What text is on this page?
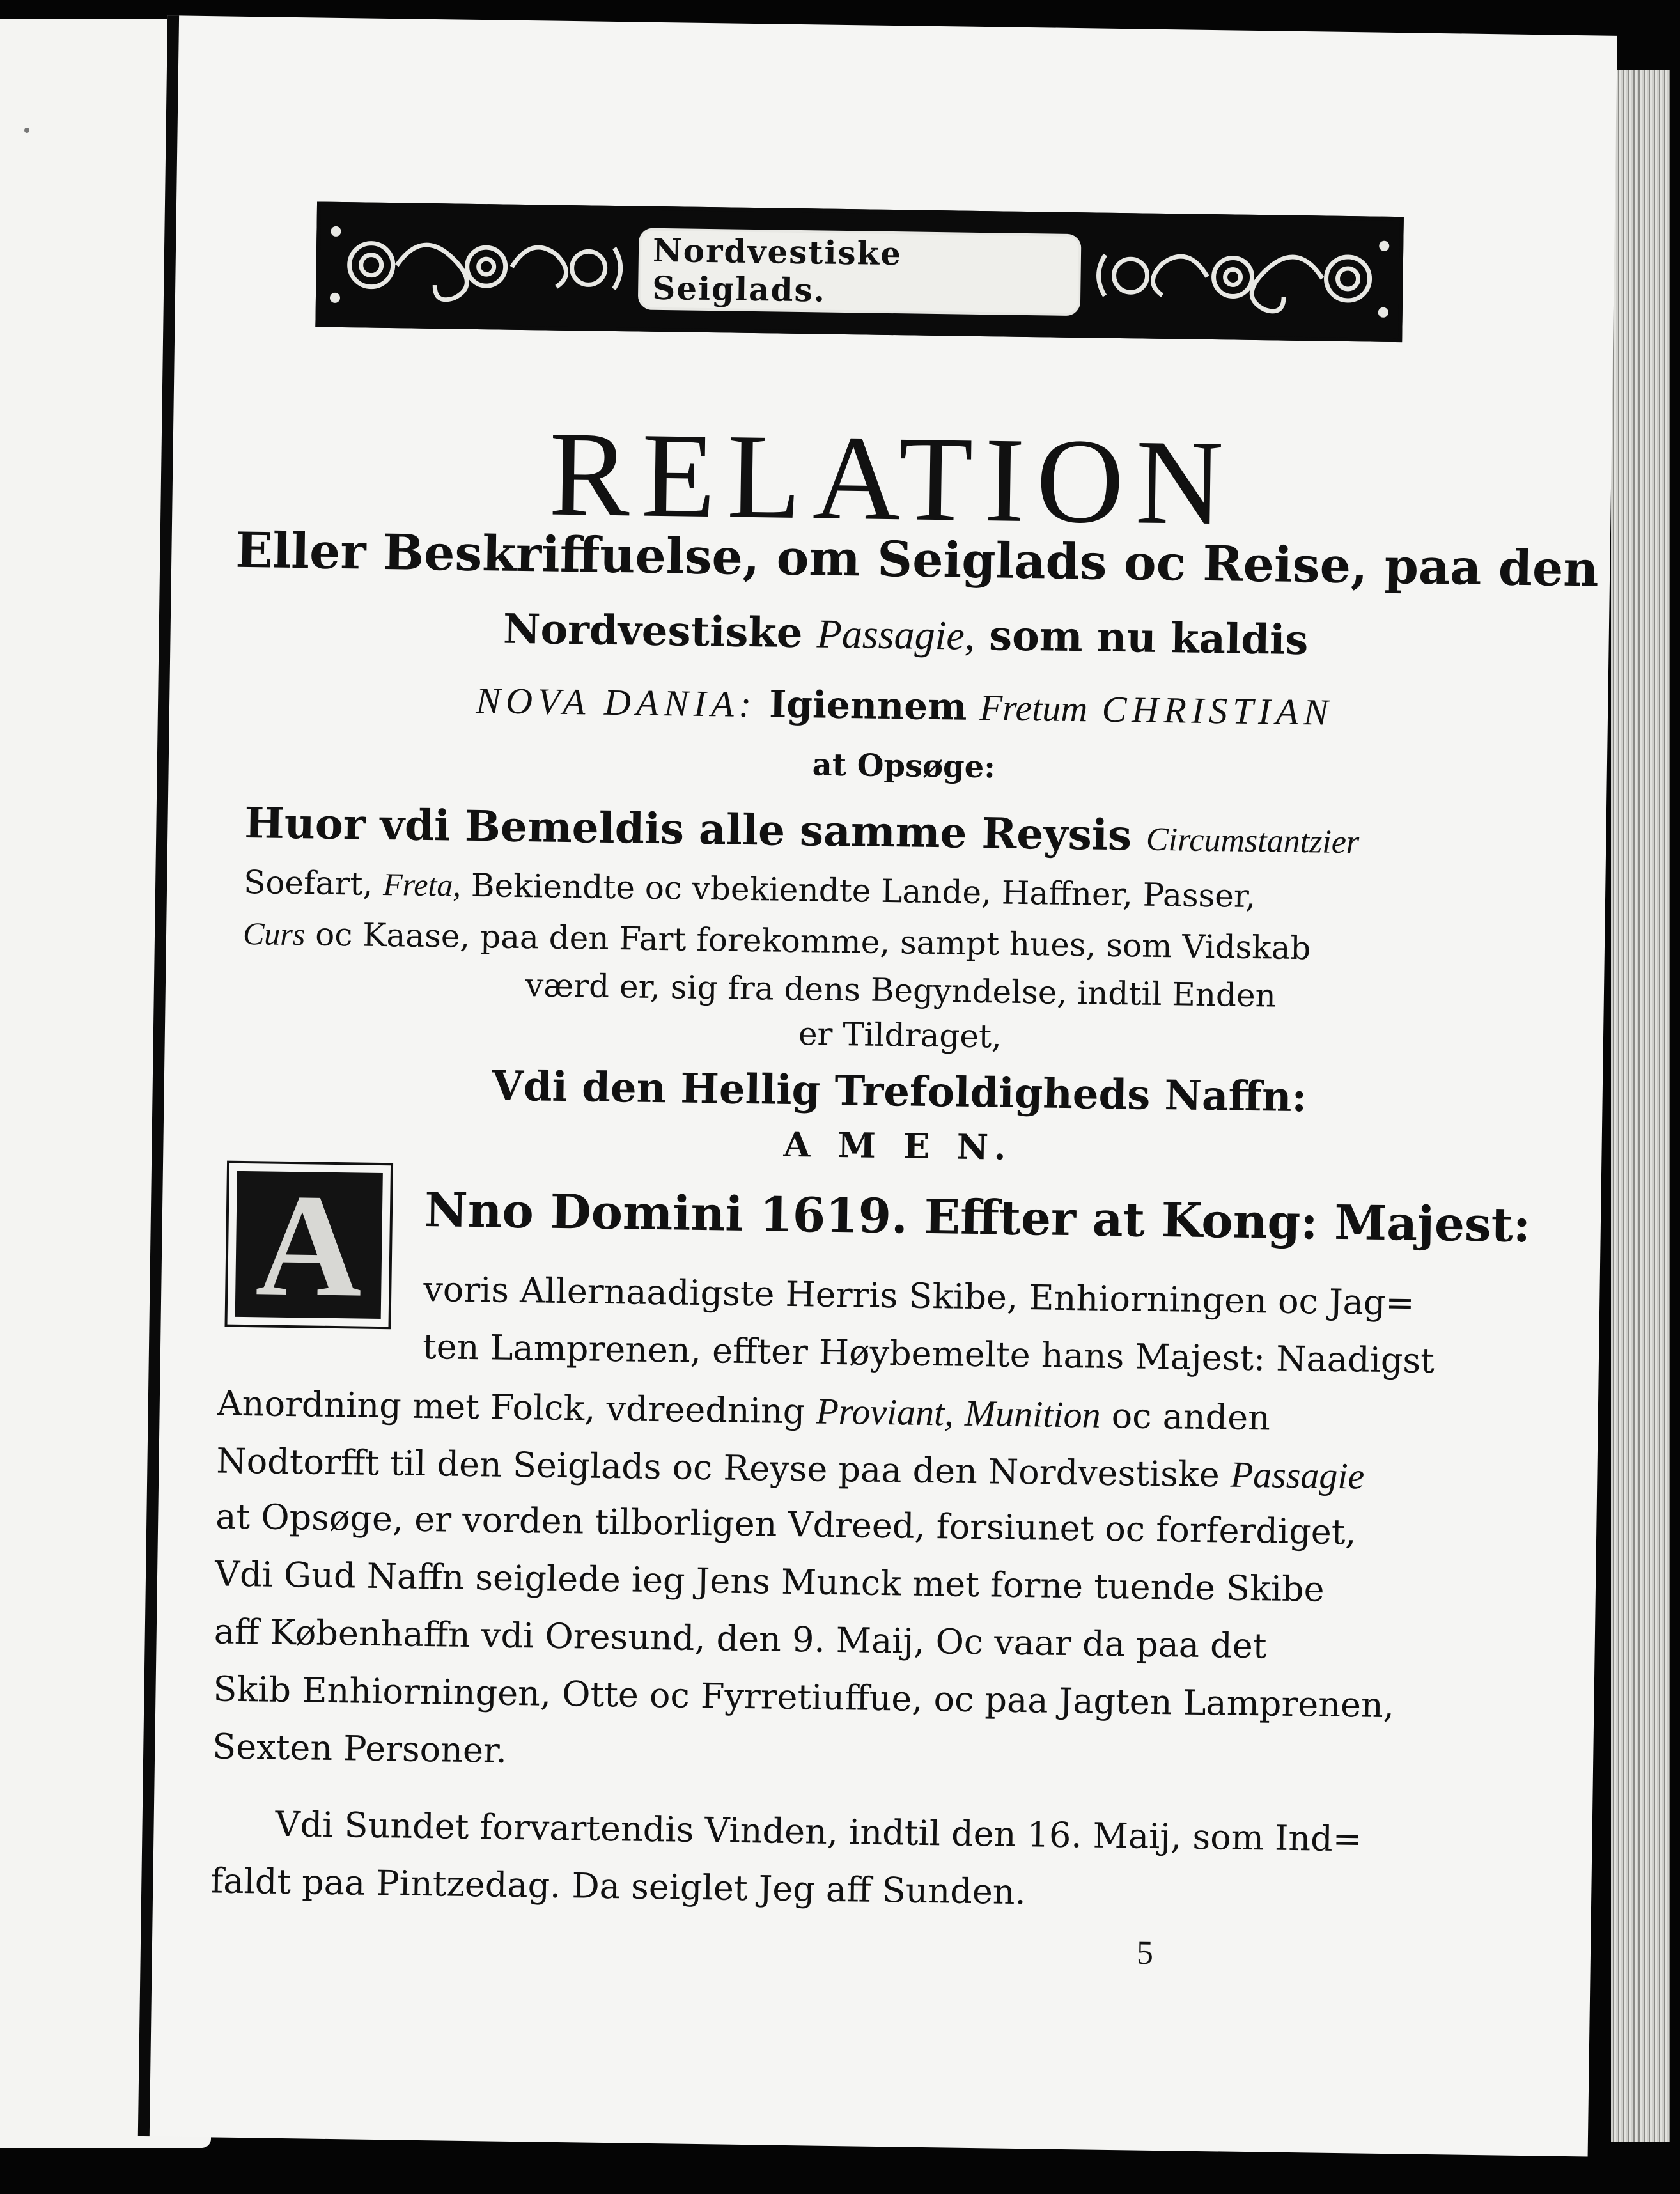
Nordvestiske Seiglads.
RELATION
Eller Beskriffuelse, om Seiglads oc Reise, paa den
Nordvestiske Passagie, som nu kaldis
NOVA DANIA: Igiennem Fretum CHRISTIAN
at Opsøge:
Huor vdi Bemeldis alle samme Reysis Circumstantzier
Soefart, Freta, Bekiendte oc vbekiendte Lande, Haffner, Passer,
Curs oc Kaase, paa den Fart forekomme, sampt hues, som Vidskab
værd er, sig fra dens Begyndelse, indtil Enden
er Tildraget,
Vdi den Hellig Trefoldigheds Naffn:
A M E N.
A	Nno Domini 1619. Effter at Kong: Majest:
voris Allernaadigste Herris Skibe, Enhiorningen oc Jag=
ten Lamprenen, effter Høybemelte hans Majest: Naadigst
Anordning met Folck, vdreedning Proviant, Munition oc anden
Nodtorfft til den Seiglads oc Reyse paa den Nordvestiske Passagie
at Opsøge, er vorden tilborligen Vdreed, forsiunet oc forferdiget,
Vdi Gud Naffn seiglede ieg Jens Munck met forne tuende Skibe
aff Københaffn vdi Oresund, den 9. Maij, Oc vaar da paa det
Skib Enhiorningen, Otte oc Fyrretiuffue, oc paa Jagten Lamprenen,
Sexten Personer.
Vdi Sundet forvartendis Vinden, indtil den 16. Maij, som Ind=
faldt paa Pintzedag. Da seiglet Jeg aff Sunden.
5
